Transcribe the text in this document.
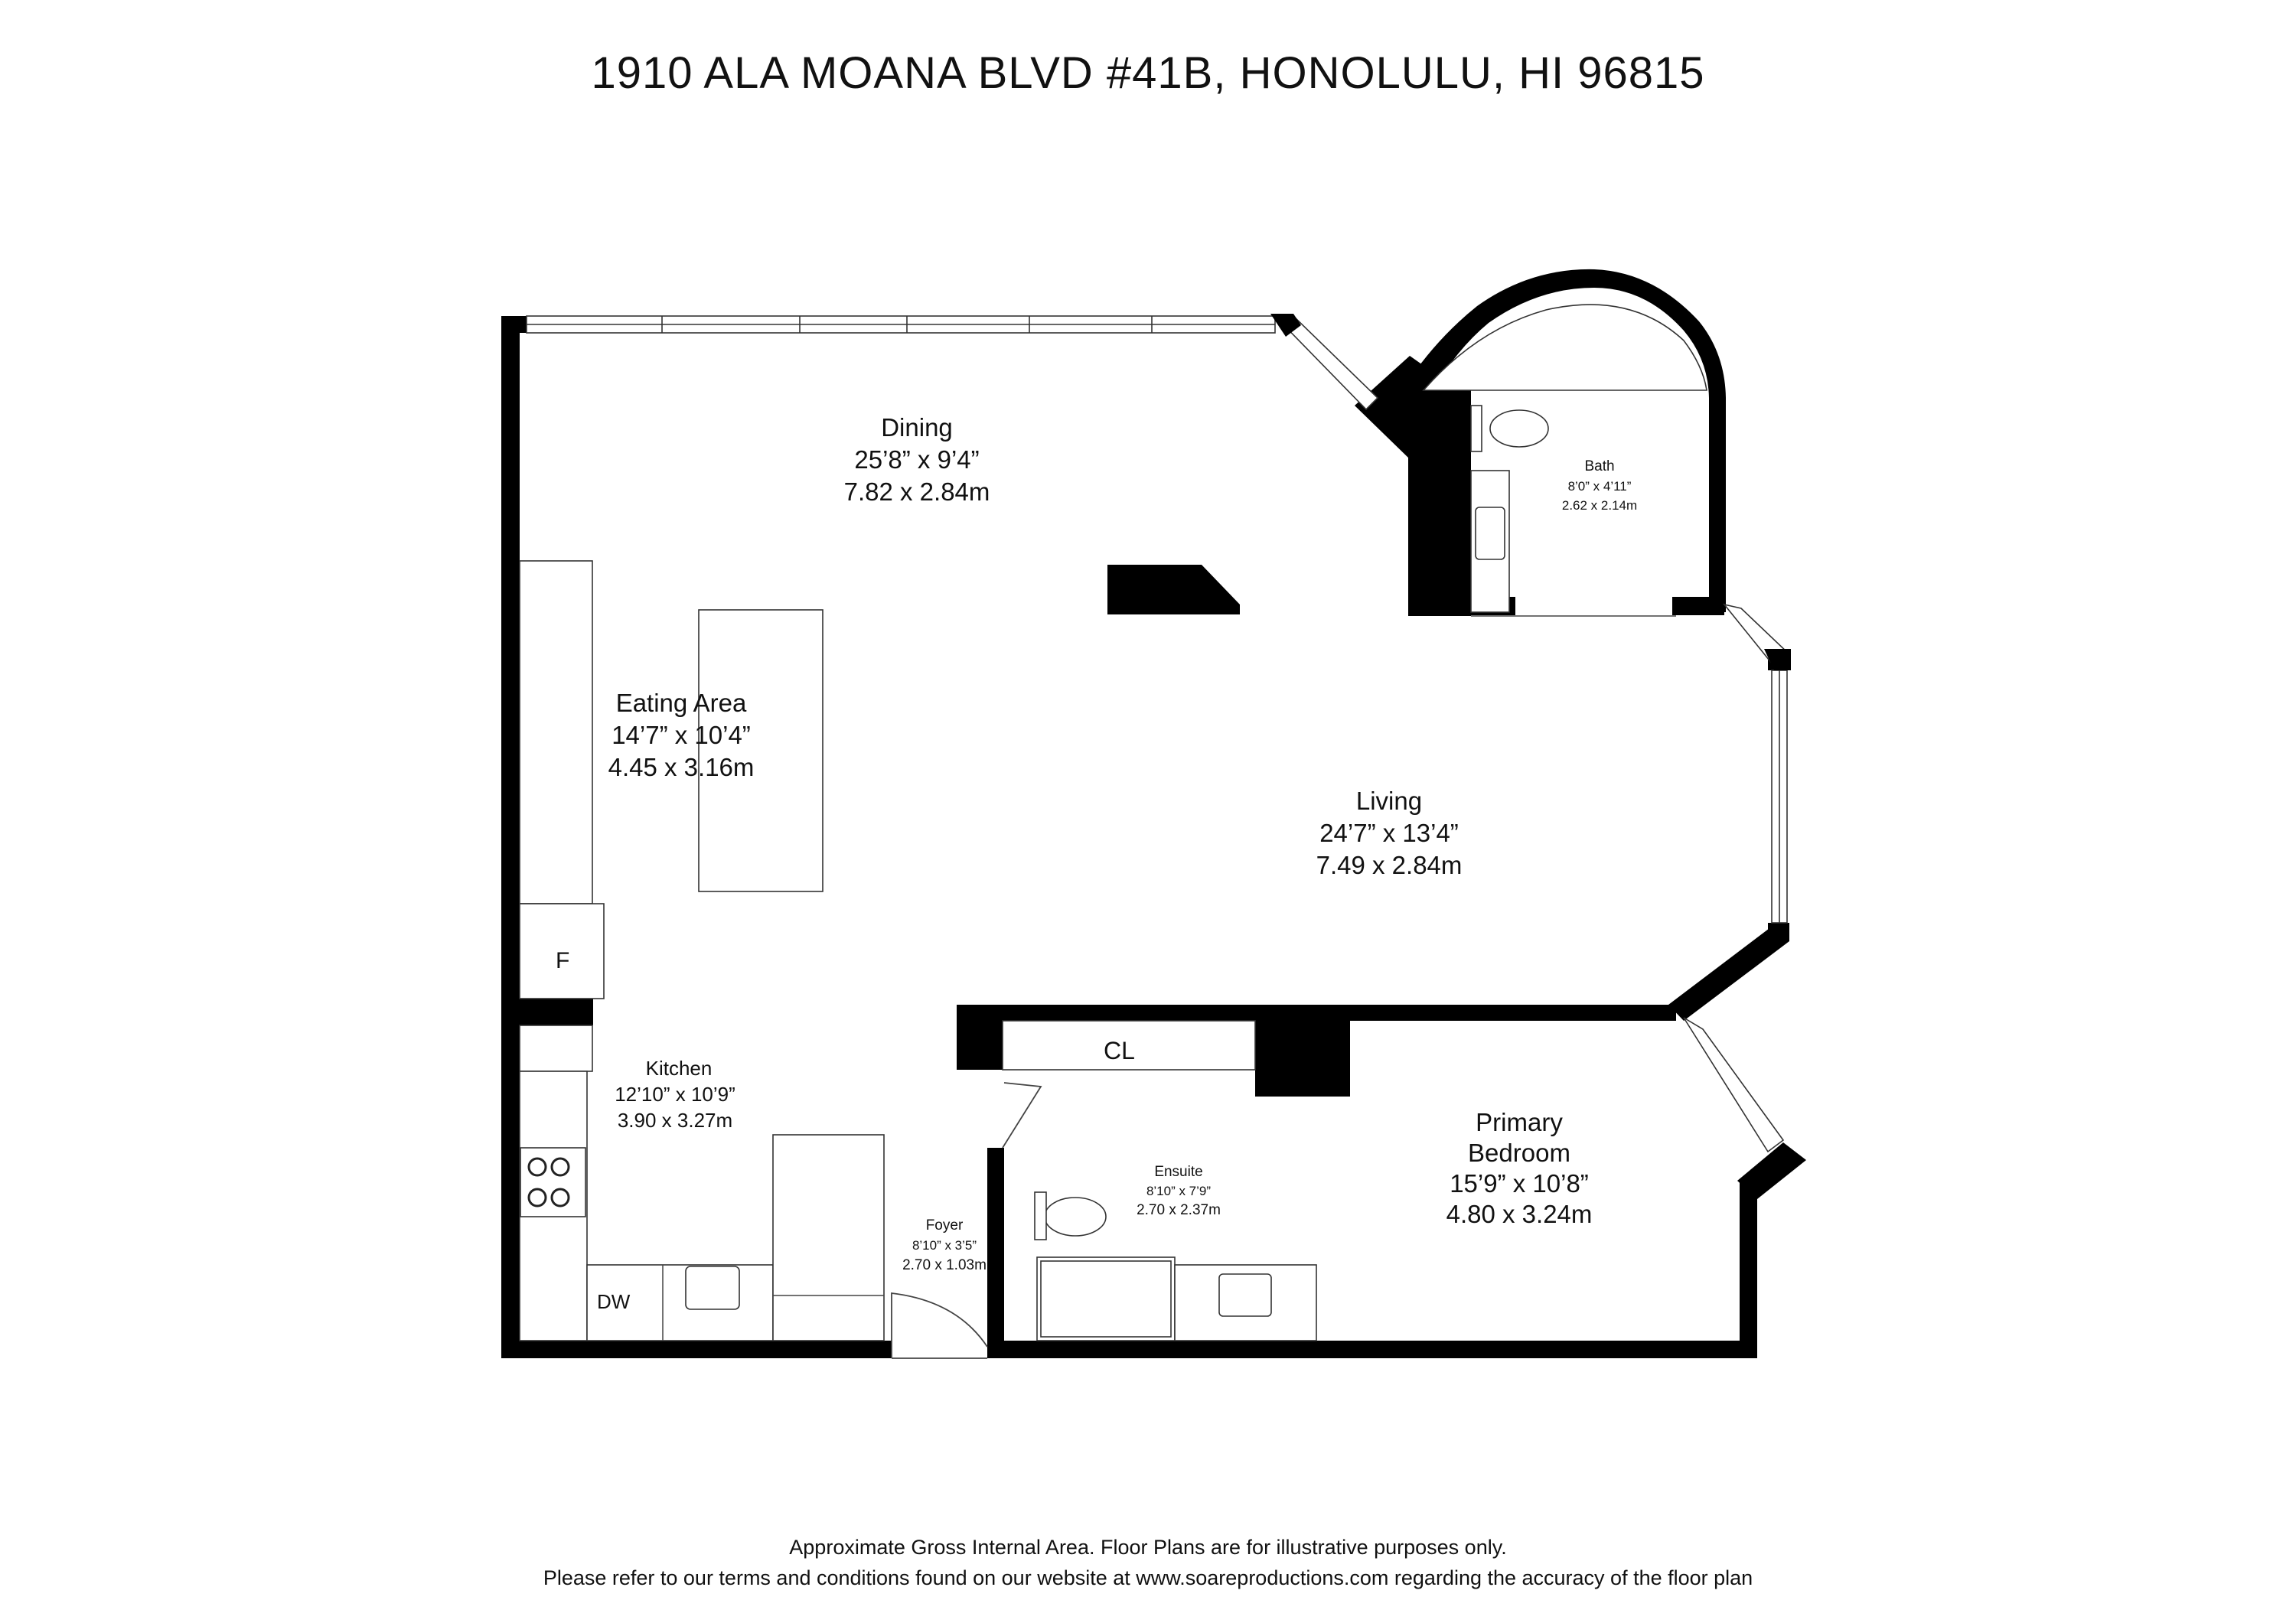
1910 ALA MOANA BLVD #41B, HONOLULU, HI 96815
F
DW
CL
Dining
25’8” x 9’4”
7.82 x 2.84m
Eating Area
14’7” x 10’4”
4.45 x 3.16m
Living
24’7” x 13’4”
7.49 x 2.84m
Bath
8’0” x 4’11”
2.62 x 2.14m
Kitchen
12’10” x 10’9”
3.90 x 3.27m	Primary
Bedroom
15’9” x 10’8”
4.80 x 3.24m
Ensuite
8’10” x 7’9”
2.70 x 2.37m
Foyer
8’10” x 3’5”
2.70 x 1.03m
Approximate Gross Internal Area. Floor Plans are for illustrative purposes only.
Please refer to our terms and conditions found on our website at www.soareproductions.com regarding the accuracy of the floor plan
